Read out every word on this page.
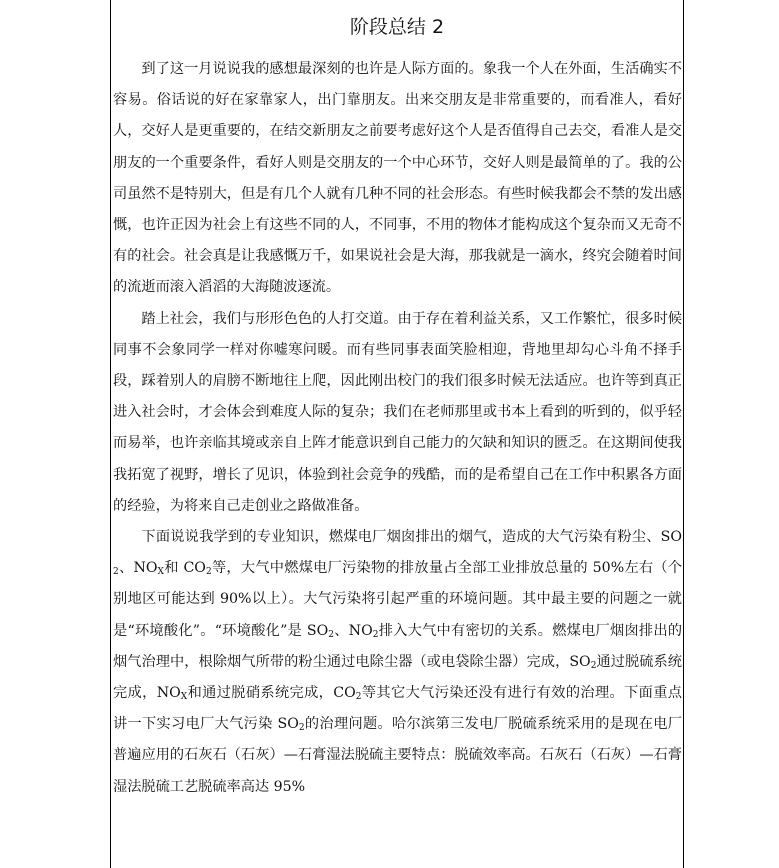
阶段总结 2

到了这一月说说我的感想最深刻的也许是人际方面的。象我一个人在外面，生活确实不容易。俗话说的好在家靠家人，出门靠朋友。出来交朋友是非常重要的，而看准人，看好人，交好人是更重要的，在结交新朋友之前要考虑好这个人是否值得自己去交，看准人是交朋友的一个重要条件，看好人则是交朋友的一个中心环节，交好人则是最简单的了。我的公司虽然不是特别大，但是有几个人就有几种不同的社会形态。有些时候我都会不禁的发出感慨，也许正因为社会上有这些不同的人，不同事，不用的物体才能构成这个复杂而又无奇不有的社会。社会真是让我感慨万千，如果说社会是大海，那我就是一滴水，终究会随着时间的流逝而滚入滔滔的大海随波逐流。

踏上社会，我们与形形色色的人打交道。由于存在着利益关系，又工作繁忙，很多时候同事不会象同学一样对你嘘寒问暖。而有些同事表面笑脸相迎，背地里却勾心斗角不择手段，踩着别人的肩膀不断地往上爬，因此刚出校门的我们很多时候无法适应。也许等到真正进入社会时，才会体会到难度人际的复杂；我们在老师那里或书本上看到的听到的，似乎轻而易举，也许亲临其境或亲自上阵才能意识到自己能力的欠缺和知识的匮乏。在这期间使我我拓宽了视野，增长了见识，体验到社会竞争的残酷，而的是希望自己在工作中积累各方面的经验，为将来自己走创业之路做准备。

下面说说我学到的专业知识，燃煤电厂烟囱排出的烟气，造成的大气污染有粉尘、$SO_2$、$NO_X$和 $CO_2$等，大气中燃煤电厂污染物的排放量占全部工业排放总量的 50%左右（个别地区可能达到 90%以上）。大气污染将引起严重的环境问题。其中最主要的问题之一就是“环境酸化”。“环境酸化”是 $SO_2$、$NO_2$排入大气中有密切的关系。燃煤电厂烟囱排出的烟气治理中，根除烟气所带的粉尘通过电除尘器（或电袋除尘器）完成，$SO_2$通过脱硫系统完成，$NO_X$和通过脱硝系统完成，$CO_2$等其它大气污染还没有进行有效的治理。下面重点讲一下实习电厂大气污染 $SO_2$的治理问题。哈尔滨第三发电厂脱硫系统采用的是现在电厂普遍应用的石灰石（石灰）—石膏湿法脱硫主要特点：脱硫效率高。石灰石（石灰）—石膏湿法脱硫工艺脱硫率高达 95%
